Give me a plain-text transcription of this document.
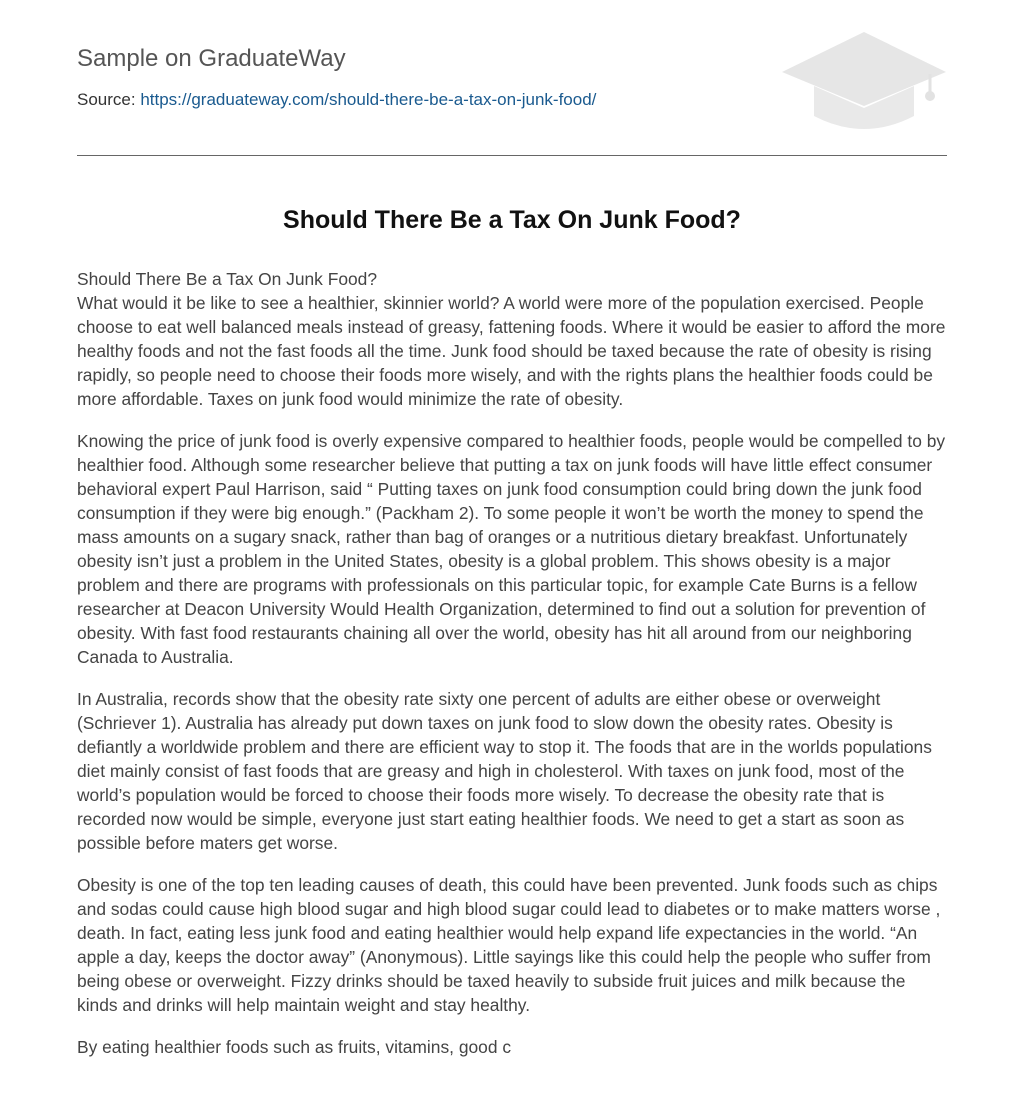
Sample on GraduateWay
Source: https://graduateway.com/should-there-be-a-tax-on-junk-food/
Should There Be a Tax On Junk Food?

Should There Be a Tax On Junk Food?

What would it be like to see a healthier, skinnier world? A world were more of the population exercised. People choose to eat well balanced meals instead of greasy, fattening foods. Where it would be easier to afford the more healthy foods and not the fast foods all the time. Junk food should be taxed because the rate of obesity is rising rapidly, so people need to choose their foods more wisely, and with the rights plans the healthier foods could be more affordable. Taxes on junk food would minimize the rate of obesity.

Knowing the price of junk food is overly expensive compared to healthier foods, people would be compelled to by healthier food. Although some researcher believe that putting a tax on junk foods will have little effect consumer behavioral expert Paul Harrison, said “ Putting taxes on junk food consumption could bring down the junk food consumption if they were big enough.” (Packham 2). To some people it won’t be worth the money to spend the mass amounts on a sugary snack, rather than bag of oranges or a nutritious dietary breakfast. Unfortunately obesity isn’t just a problem in the United States, obesity is a global problem. This shows obesity is a major problem and there are programs with professionals on this particular topic, for example Cate Burns is a fellow researcher at Deacon University Would Health Organization, determined to find out a solution for prevention of obesity. With fast food restaurants chaining all over the world, obesity has hit all around from our neighboring Canada to Australia.

In Australia, records show that the obesity rate sixty one percent of adults are either obese or overweight (Schriever 1). Australia has already put down taxes on junk food to slow down the obesity rates. Obesity is defiantly a worldwide problem and there are efficient way to stop it. The foods that are in the worlds populations diet mainly consist of fast foods that are greasy and high in cholesterol. With taxes on junk food, most of the world’s population would be forced to choose their foods more wisely. To decrease the obesity rate that is recorded now would be simple, everyone just start eating healthier foods. We need to get a start as soon as possible before maters get worse.

Obesity is one of the top ten leading causes of death, this could have been prevented. Junk foods such as chips and sodas could cause high blood sugar and high blood sugar could lead to diabetes or to make matters worse , death. In fact, eating less junk food and eating healthier would help expand life expectancies in the world. “An apple a day, keeps the doctor away” (Anonymous). Little sayings like this could help the people who suffer from being obese or overweight. Fizzy drinks should be taxed heavily to subside fruit juices and milk because the kinds and drinks will help maintain weight and stay healthy.

By eating healthier foods such as fruits, vitamins, good c
